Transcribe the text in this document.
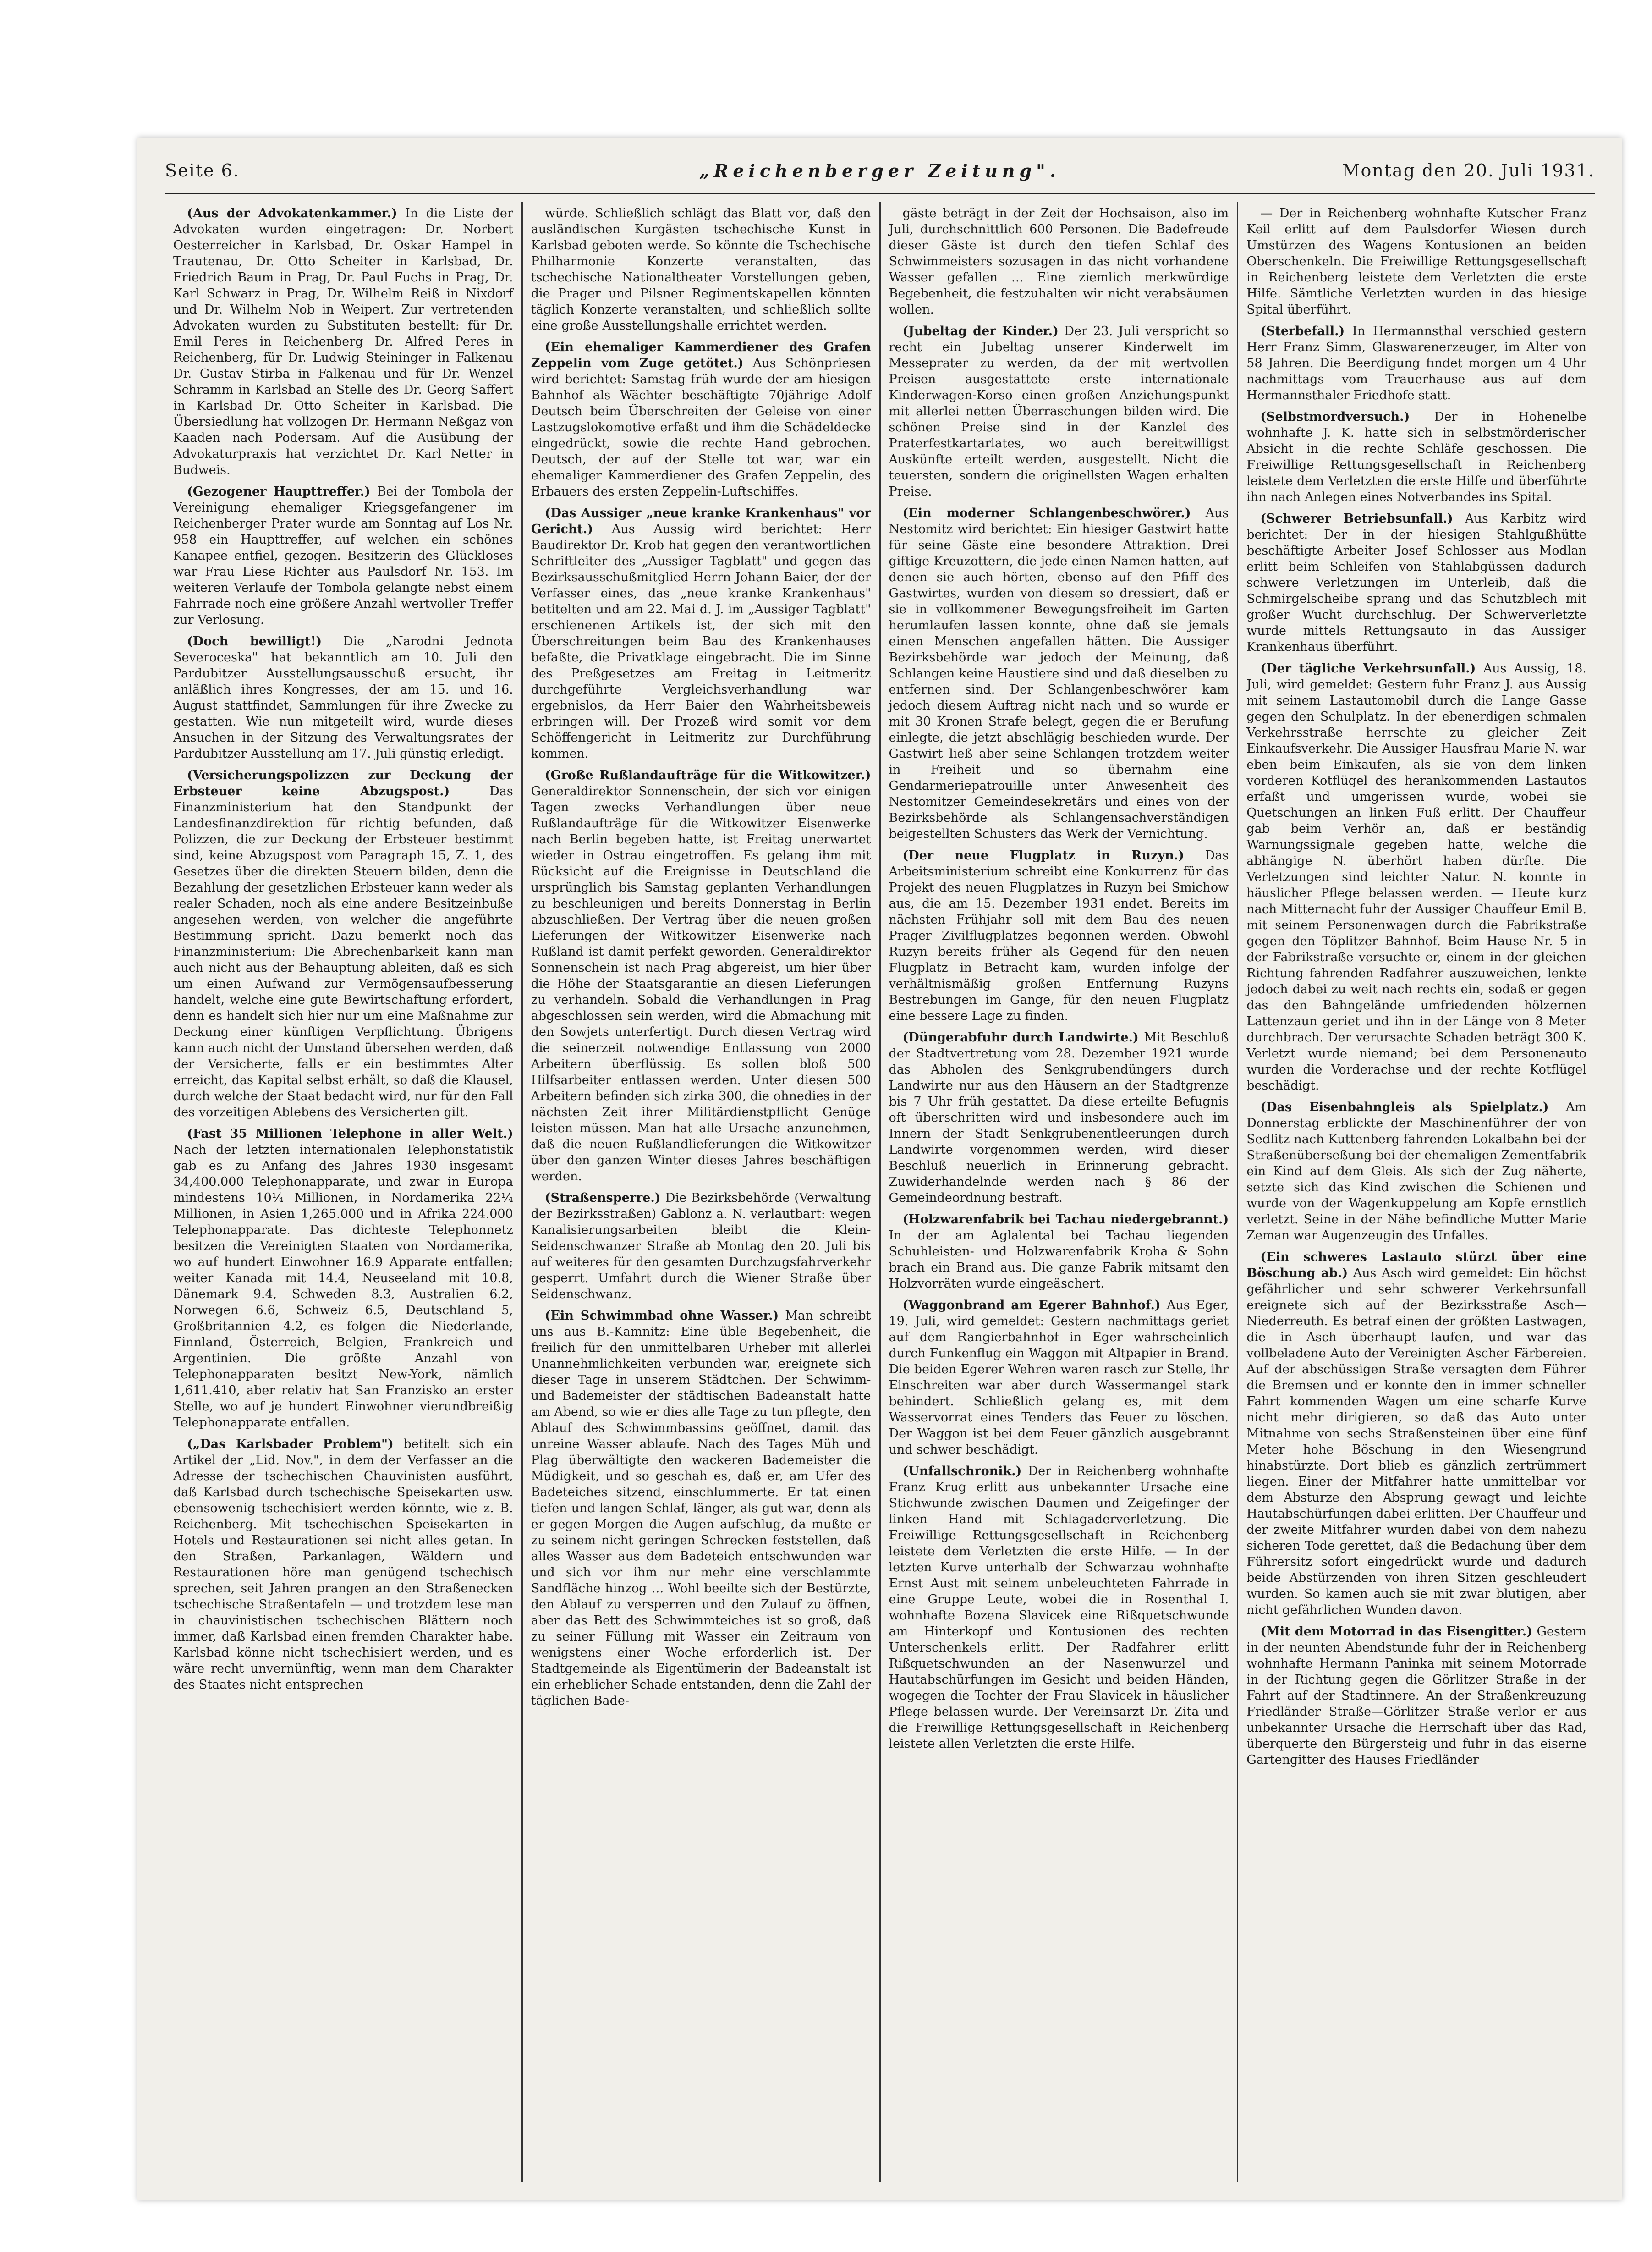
Seite 6.	„Reichenberger Zeitung".	Montag den 20. Juli 1931.

(Aus der Advokatenkammer.) In die Liste der Advokaten wurden eingetragen: Dr. Norbert Oesterreicher in Karlsbad, Dr. Oskar Hampel in Trautenau, Dr. Otto Scheiter in Karlsbad, Dr. Friedrich Baum in Prag, Dr. Paul Fuchs in Prag, Dr. Karl Schwarz in Prag, Dr. Wilhelm Reiß in Nixdorf und Dr. Wilhelm Nob in Weipert. Zur vertretenden Advokaten wurden zu Substituten bestellt: für Dr. Emil Peres in Reichenberg Dr. Alfred Peres in Reichenberg, für Dr. Ludwig Steininger in Falkenau Dr. Gustav Stirba in Falkenau und für Dr. Wenzel Schramm in Karlsbad an Stelle des Dr. Georg Saffert in Karlsbad Dr. Otto Scheiter in Karlsbad. Die Übersiedlung hat vollzogen Dr. Hermann Neßgaz von Kaaden nach Podersam. Auf die Ausübung der Advokaturpraxis hat verzichtet Dr. Karl Netter in Budweis.

(Gezogener Haupttreffer.) Bei der Tombola der Vereinigung ehemaliger Kriegsgefangener im Reichenberger Prater wurde am Sonntag auf Los Nr. 958 ein Haupttreffer, auf welchen ein schönes Kanapee entfiel, gezogen. Besitzerin des Glückloses war Frau Liese Richter aus Paulsdorf Nr. 153. Im weiteren Verlaufe der Tombola gelangte nebst einem Fahrrade noch eine größere Anzahl wertvoller Treffer zur Verlosung.

(Doch bewilligt!) Die „Narodni Jednota Severoceska" hat bekanntlich am 10. Juli den Pardubitzer Ausstellungsausschuß ersucht, ihr anläßlich ihres Kongresses, der am 15. und 16. August stattfindet, Sammlungen für ihre Zwecke zu gestatten. Wie nun mitgeteilt wird, wurde dieses Ansuchen in der Sitzung des Verwaltungsrates der Pardubitzer Ausstellung am 17. Juli günstig erledigt.

(Versicherungspolizzen zur Deckung der Erbsteuer keine Abzugspost.)	Das Finanzministerium hat den Standpunkt der Landesfinanzdirektion für richtig befunden, daß Polizzen, die zur Deckung der Erbsteuer bestimmt sind, keine Abzugspost vom Paragraph 15, Z. 1, des Gesetzes über die direkten Steuern bilden, denn die Bezahlung der gesetzlichen Erbsteuer kann weder als realer Schaden, noch als eine andere Besitzeinbuße angesehen werden, von welcher die angeführte Bestimmung spricht. Dazu bemerkt noch das Finanzministerium: Die Abrechenbarkeit kann man auch nicht aus der Behauptung ableiten, daß es sich um einen Aufwand zur Vermögensaufbesserung handelt, welche eine gute Bewirtschaftung erfordert, denn es handelt sich hier nur um eine Maßnahme zur Deckung einer künftigen Verpflichtung. Übrigens kann auch nicht der Umstand übersehen werden, daß der Versicherte, falls er ein bestimmtes Alter erreicht, das Kapital selbst erhält, so daß die Klausel, durch welche der Staat bedacht wird, nur für den Fall des vorzeitigen Ablebens des Versicherten gilt.

(Fast 35 Millionen Telephone in aller Welt.) Nach der letzten internationalen Telephonstatistik gab es zu Anfang des Jahres 1930 insgesamt 34,400.000 Telephonapparate, und zwar in Europa mindestens 10¼ Millionen, in Nordamerika 22¼ Millionen, in Asien 1,265.000 und in Afrika 224.000 Telephonapparate. Das dichteste Telephonnetz besitzen die Vereinigten Staaten von Nordamerika, wo auf hundert Einwohner 16.9 Apparate entfallen; weiter Kanada mit 14.4, Neuseeland mit 10.8, Dänemark 9.4, Schweden 8.3, Australien 6.2, Norwegen 6.6, Schweiz 6.5, Deutschland 5, Großbritannien 4.2, es folgen die Niederlande, Finnland, Österreich, Belgien, Frankreich und Argentinien. Die größte Anzahl von Telephonapparaten besitzt New-York, nämlich 1,611.410, aber relativ hat San Franzisko an erster Stelle, wo auf je hundert Einwohner vierundbreißig Telephonapparate entfallen.

(„Das Karlsbader Problem") betitelt sich ein Artikel der „Lid. Nov.", in dem der Verfasser an die Adresse der tschechischen Chauvinisten ausführt, daß Karlsbad durch tschechische Speisekarten usw. ebensowenig tschechisiert werden könnte, wie z. B. Reichenberg. Mit tschechischen Speisekarten in Hotels und Restaurationen sei nicht alles getan. In den Straßen, Parkanlagen, Wäldern und Restaurationen höre man genügend tschechisch sprechen, seit Jahren prangen an den Straßenecken tschechische Straßentafeln — und trotzdem lese man in chauvinistischen tschechischen Blättern noch immer, daß Karlsbad einen fremden Charakter habe. Karlsbad könne nicht tschechisiert werden, und es wäre recht unvernünftig, wenn man dem Charakter des Staates nicht entsprechen

würde. Schließlich schlägt das Blatt vor, daß den ausländischen Kurgästen tschechische Kunst in Karlsbad geboten werde. So könnte die Tschechische Philharmonie Konzerte veranstalten, das tschechische Nationaltheater Vorstellungen geben, die Prager und Pilsner Regimentskapellen könnten täglich Konzerte veranstalten, und schließlich sollte eine große Ausstellungshalle errichtet werden.

(Ein ehemaliger Kammerdiener des Grafen Zeppelin vom Zuge getötet.) Aus Schönpriesen wird berichtet: Samstag früh wurde der am hiesigen Bahnhof als Wächter beschäftigte 70jährige Adolf Deutsch beim Überschreiten der Geleise von einer Lastzugslokomotive erfaßt und ihm die Schädeldecke eingedrückt, sowie die rechte Hand gebrochen. Deutsch, der auf der Stelle tot war, war ein ehemaliger Kammerdiener des Grafen Zeppelin, des Erbauers des ersten Zeppelin-Luftschiffes.

(Das Aussiger „neue kranke Krankenhaus" vor Gericht.) Aus Aussig wird berichtet: Herr Baudirektor Dr. Krob hat gegen den verantwortlichen Schriftleiter des „Aussiger Tagblatt" und gegen das Bezirksausschußmitglied Herrn Johann Baier, der der Verfasser eines, das „neue kranke Krankenhaus" betitelten und am 22. Mai d. J. im „Aussiger Tagblatt" erschienenen Artikels ist, der sich mit den Überschreitungen beim Bau des Krankenhauses befaßte, die Privatklage eingebracht. Die im Sinne des Preßgesetzes am Freitag in Leitmeritz durchgeführte Vergleichsverhandlung war ergebnislos, da Herr Baier den Wahrheitsbeweis erbringen will. Der Prozeß wird somit vor dem Schöffengericht in Leitmeritz zur Durchführung kommen.

(Große Rußlandaufträge für die Witkowitzer.) Generaldirektor Sonnenschein, der sich vor einigen Tagen zwecks Verhandlungen über neue Rußlandaufträge für die Witkowitzer Eisenwerke nach Berlin begeben hatte, ist Freitag unerwartet wieder in Ostrau eingetroffen. Es gelang ihm mit Rücksicht auf die Ereignisse in Deutschland die ursprünglich bis Samstag geplanten Verhandlungen zu beschleunigen und bereits Donnerstag in Berlin abzuschließen. Der Vertrag über die neuen großen Lieferungen der Witkowitzer Eisenwerke nach Rußland ist damit perfekt geworden. Generaldirektor Sonnenschein ist nach Prag abgereist, um hier über die Höhe der Staatsgarantie an diesen Lieferungen zu verhandeln. Sobald die Verhandlungen in Prag abgeschlossen sein werden, wird die Abmachung mit den Sowjets unterfertigt. Durch diesen Vertrag wird die seinerzeit notwendige Entlassung von 2000 Arbeitern überflüssig. Es sollen bloß 500 Hilfsarbeiter entlassen werden. Unter diesen 500 Arbeitern befinden sich zirka 300, die ohnedies in der nächsten Zeit ihrer Militärdienstpflicht Genüge leisten müssen. Man hat alle Ursache anzunehmen, daß die neuen Rußlandlieferungen die Witkowitzer über den ganzen Winter dieses Jahres beschäftigen werden.

(Straßensperre.) Die Bezirksbehörde (Verwaltung der Bezirksstraßen) Gablonz a. N. verlautbart: wegen Kanalisierungsarbeiten bleibt die Klein-Seidenschwanzer Straße ab Montag den 20. Juli bis auf weiteres für den gesamten Durchzugsfahrverkehr gesperrt. Umfahrt durch die Wiener Straße über Seidenschwanz.

(Ein Schwimmbad ohne Wasser.) Man schreibt uns aus B.-Kamnitz: Eine üble Begebenheit, die freilich für den unmittelbaren Urheber mit allerlei Unannehmlichkeiten verbunden war, ereignete sich dieser Tage in unserem Städtchen. Der Schwimm- und Bademeister der städtischen Badeanstalt hatte am Abend, so wie er dies alle Tage zu tun pflegte, den Ablauf des Schwimmbassins geöffnet, damit das unreine Wasser ablaufe. Nach des Tages Müh und Plag überwältigte den wackeren Bademeister die Müdigkeit, und so geschah es, daß er, am Ufer des Badeteiches sitzend, einschlummerte. Er tat einen tiefen und langen Schlaf, länger, als gut war, denn als er gegen Morgen die Augen aufschlug, da mußte er zu seinem nicht geringen Schrecken feststellen, daß alles Wasser aus dem Badeteich entschwunden war und sich vor ihm nur mehr eine verschlammte Sandfläche hinzog … Wohl beeilte sich der Bestürzte, den Ablauf zu versperren und den Zulauf zu öffnen, aber das Bett des Schwimmteiches ist so groß, daß zu seiner Füllung mit Wasser ein Zeitraum von wenigstens einer Woche erforderlich ist. Der Stadtgemeinde als Eigentümerin der Badeanstalt ist ein erheblicher Schade entstanden, denn die Zahl der täglichen Bade-

gäste beträgt in der Zeit der Hochsaison, also im Juli, durchschnittlich 600 Personen. Die Badefreude dieser Gäste ist durch den tiefen Schlaf des Schwimmeisters sozusagen in das nicht vorhandene Wasser gefallen … Eine ziemlich merkwürdige Begebenheit, die festzuhalten wir nicht verabsäumen wollen.

(Jubeltag der Kinder.) Der 23. Juli verspricht so recht ein Jubeltag unserer Kinderwelt im Messeprater zu werden, da der mit wertvollen Preisen ausgestattete erste internationale Kinderwagen-Korso einen großen Anziehungspunkt mit allerlei netten Überraschungen bilden wird. Die schönen Preise sind in der Kanzlei des Praterfestkartariates, wo auch bereitwilligst Auskünfte erteilt werden, ausgestellt. Nicht die teuersten, sondern die originellsten Wagen erhalten Preise.

(Ein moderner Schlangenbeschwörer.) Aus Nestomitz wird berichtet: Ein hiesiger Gastwirt hatte für seine Gäste eine besondere Attraktion. Drei giftige Kreuzottern, die jede einen Namen hatten, auf denen sie auch hörten, ebenso auf den Pfiff des Gastwirtes, wurden von diesem so dressiert, daß er sie in vollkommener Bewegungsfreiheit im Garten herumlaufen lassen konnte, ohne daß sie jemals einen Menschen angefallen hätten. Die Aussiger Bezirksbehörde war jedoch der Meinung, daß Schlangen keine Haustiere sind und daß dieselben zu entfernen sind. Der Schlangenbeschwörer kam jedoch diesem Auftrag nicht nach und so wurde er mit 30 Kronen Strafe belegt, gegen die er Berufung einlegte, die jetzt abschlägig beschieden wurde. Der Gastwirt ließ aber seine Schlangen trotzdem weiter in Freiheit und so übernahm eine Gendarmeriepatrouille unter Anwesenheit des Nestomitzer Gemeindesekretärs und eines von der Bezirksbehörde als Schlangensachverständigen beigestellten Schusters das Werk der Vernichtung.

(Der neue Flugplatz in Ruzyn.) Das Arbeitsministerium schreibt eine Konkurrenz für das Projekt des neuen Flugplatzes in Ruzyn bei Smichow aus, die am 15. Dezember 1931 endet. Bereits im nächsten Frühjahr soll mit dem Bau des neuen Prager Zivilflugplatzes begonnen werden. Obwohl Ruzyn bereits früher als Gegend für den neuen Flugplatz in Betracht kam, wurden infolge der verhältnismäßig großen Entfernung Ruzyns Bestrebungen im Gange, für den neuen Flugplatz eine bessere Lage zu finden.

(Düngerabfuhr durch Landwirte.) Mit Beschluß der Stadtvertretung vom 28. Dezember 1921 wurde das Abholen des Senkgrubendüngers durch Landwirte nur aus den Häusern an der Stadtgrenze bis 7 Uhr früh gestattet. Da diese erteilte Befugnis oft überschritten wird und insbesondere auch im Innern der Stadt Senkgrubenentleerungen durch Landwirte vorgenommen werden, wird dieser Beschluß neuerlich in Erinnerung gebracht. Zuwiderhandelnde werden nach § 86 der Gemeindeordnung bestraft.

(Holzwarenfabrik bei Tachau niedergebrannt.) In der am Aglalental bei Tachau liegenden Schuhleisten- und Holzwarenfabrik Kroha & Sohn brach ein Brand aus. Die ganze Fabrik mitsamt den Holzvorräten wurde eingeäschert.

(Waggonbrand am Egerer Bahnhof.) Aus Eger, 19. Juli, wird gemeldet: Gestern nachmittags geriet auf dem Rangierbahnhof in Eger wahrscheinlich durch Funkenflug ein Waggon mit Altpapier in Brand. Die beiden Egerer Wehren waren rasch zur Stelle, ihr Einschreiten war aber durch Wassermangel stark behindert. Schließlich gelang es, mit dem Wasservorrat eines Tenders das Feuer zu löschen. Der Waggon ist bei dem Feuer gänzlich ausgebrannt und schwer beschädigt.

(Unfallschronik.) Der in Reichenberg wohnhafte Franz Krug erlitt aus unbekannter Ursache eine Stichwunde zwischen Daumen und Zeigefinger der linken Hand mit Schlagaderverletzung. Die Freiwillige Rettungsgesellschaft in Reichenberg leistete dem Verletzten die erste Hilfe. — In der letzten Kurve unterhalb der Schwarzau wohnhafte Ernst Aust mit seinem unbeleuchteten Fahrrade in eine Gruppe Leute, wobei die in Rosenthal I. wohnhafte Bozena Slavicek eine Rißquetschwunde am Hinterkopf und Kontusionen des rechten Unterschenkels erlitt. Der Radfahrer erlitt Rißquetschwunden an der Nasenwurzel und Hautabschürfungen im Gesicht und beiden Händen, wogegen die Tochter der Frau Slavicek in häuslicher Pflege belassen wurde. Der Vereinsarzt Dr. Zita und die Freiwillige Rettungsgesellschaft in Reichenberg leistete allen Verletzten die erste Hilfe.

— Der in Reichenberg wohnhafte Kutscher Franz Keil erlitt auf dem Paulsdorfer Wiesen durch Umstürzen des Wagens Kontusionen an beiden Oberschenkeln. Die Freiwillige Rettungsgesellschaft in Reichenberg leistete dem Verletzten die erste Hilfe. Sämtliche Verletzten wurden in das hiesige Spital überführt.

(Sterbefall.) In Hermannsthal verschied gestern Herr Franz Simm, Glaswarenerzeuger, im Alter von 58 Jahren. Die Beerdigung findet morgen um 4 Uhr nachmittags vom Trauerhause aus auf dem Hermannsthaler Friedhofe statt.

(Selbstmordversuch.) Der in Hohenelbe wohnhafte J. K. hatte sich in selbstmörderischer Absicht in die rechte Schläfe geschossen. Die Freiwillige Rettungsgesellschaft in Reichenberg leistete dem Verletzten die erste Hilfe und überführte ihn nach Anlegen eines Notverbandes ins Spital.

(Schwerer Betriebsunfall.) Aus Karbitz wird berichtet: Der in der hiesigen Stahlgußhütte beschäftigte Arbeiter Josef Schlosser aus Modlan erlitt beim Schleifen von Stahlabgüssen dadurch schwere Verletzungen im Unterleib, daß die Schmirgelscheibe sprang und das Schutzblech mit großer Wucht durchschlug. Der Schwerverletzte wurde mittels Rettungsauto in das Aussiger Krankenhaus überführt.

(Der tägliche Verkehrsunfall.) Aus Aussig, 18. Juli, wird gemeldet: Gestern fuhr Franz J. aus Aussig mit seinem Lastautomobil durch die Lange Gasse gegen den Schulplatz. In der ebenerdigen schmalen Verkehrsstraße herrschte zu gleicher Zeit Einkaufsverkehr. Die Aussiger Hausfrau Marie N. war eben beim Einkaufen, als sie von dem linken vorderen Kotflügel des herankommenden Lastautos erfaßt und umgerissen wurde, wobei sie Quetschungen an linken Fuß erlitt. Der Chauffeur gab beim Verhör an, daß er beständig Warnungssignale gegeben hatte, welche die abhängige N. überhört haben dürfte. Die Verletzungen sind leichter Natur. N. konnte in häuslicher Pflege belassen werden. — Heute kurz nach Mitternacht fuhr der Aussiger Chauffeur Emil B. mit seinem Personenwagen durch die Fabrikstraße gegen den Töplitzer Bahnhof. Beim Hause Nr. 5 in der Fabrikstraße versuchte er, einem in der gleichen Richtung fahrenden Radfahrer auszuweichen, lenkte jedoch dabei zu weit nach rechts ein, sodaß er gegen das den Bahngelände umfriedenden hölzernen Lattenzaun geriet und ihn in der Länge von 8 Meter durchbrach. Der verursachte Schaden beträgt 300 K. Verletzt wurde niemand; bei dem Personenauto wurden die Vorderachse und der rechte Kotflügel beschädigt.

(Das Eisenbahngleis als Spielplatz.) Am Donnerstag erblickte der Maschinenführer der von Sedlitz nach Kuttenberg fahrenden Lokalbahn bei der Straßenüberseßung bei der ehemaligen Zementfabrik ein Kind auf dem Gleis. Als sich der Zug näherte, setzte sich das Kind zwischen die Schienen und wurde von der Wagenkuppelung am Kopfe ernstlich verletzt. Seine in der Nähe befindliche Mutter Marie Zeman war Augenzeugin des Unfalles.

(Ein schweres Lastauto stürzt über eine Böschung ab.) Aus Asch wird gemeldet: Ein höchst gefährlicher und sehr schwerer Verkehrsunfall ereignete sich auf der Bezirksstraße Asch—Niederreuth. Es betraf einen der größten Lastwagen, die in Asch überhaupt laufen, und war das vollbeladene Auto der Vereinigten Ascher Färbereien. Auf der abschüssigen Straße versagten dem Führer die Bremsen und er konnte den in immer schneller Fahrt kommenden Wagen um eine scharfe Kurve nicht mehr dirigieren, so daß das Auto unter Mitnahme von sechs Straßensteinen über eine fünf Meter hohe Böschung in den Wiesengrund hinabstürzte. Dort blieb es gänzlich zertrümmert liegen. Einer der Mitfahrer hatte unmittelbar vor dem Absturze den Absprung gewagt und leichte Hautabschürfungen dabei erlitten. Der Chauffeur und der zweite Mitfahrer wurden dabei von dem nahezu sicheren Tode gerettet, daß die Bedachung über dem Führersitz sofort eingedrückt wurde und dadurch beide Abstürzenden von ihren Sitzen geschleudert wurden. So kamen auch sie mit zwar blutigen, aber nicht gefährlichen Wunden davon.

(Mit dem Motorrad in das Eisengitter.) Gestern in der neunten Abendstunde fuhr der in Reichenberg wohnhafte Hermann Paninka mit seinem Motorrade in der Richtung gegen die Görlitzer Straße in der Fahrt auf der Stadtinnere. An der Straßenkreuzung Friedländer Straße—Görlitzer Straße verlor er aus unbekannter Ursache die Herrschaft über das Rad, überquerte den Bürgersteig und fuhr in das eiserne Gartengitter des Hauses Friedländer
